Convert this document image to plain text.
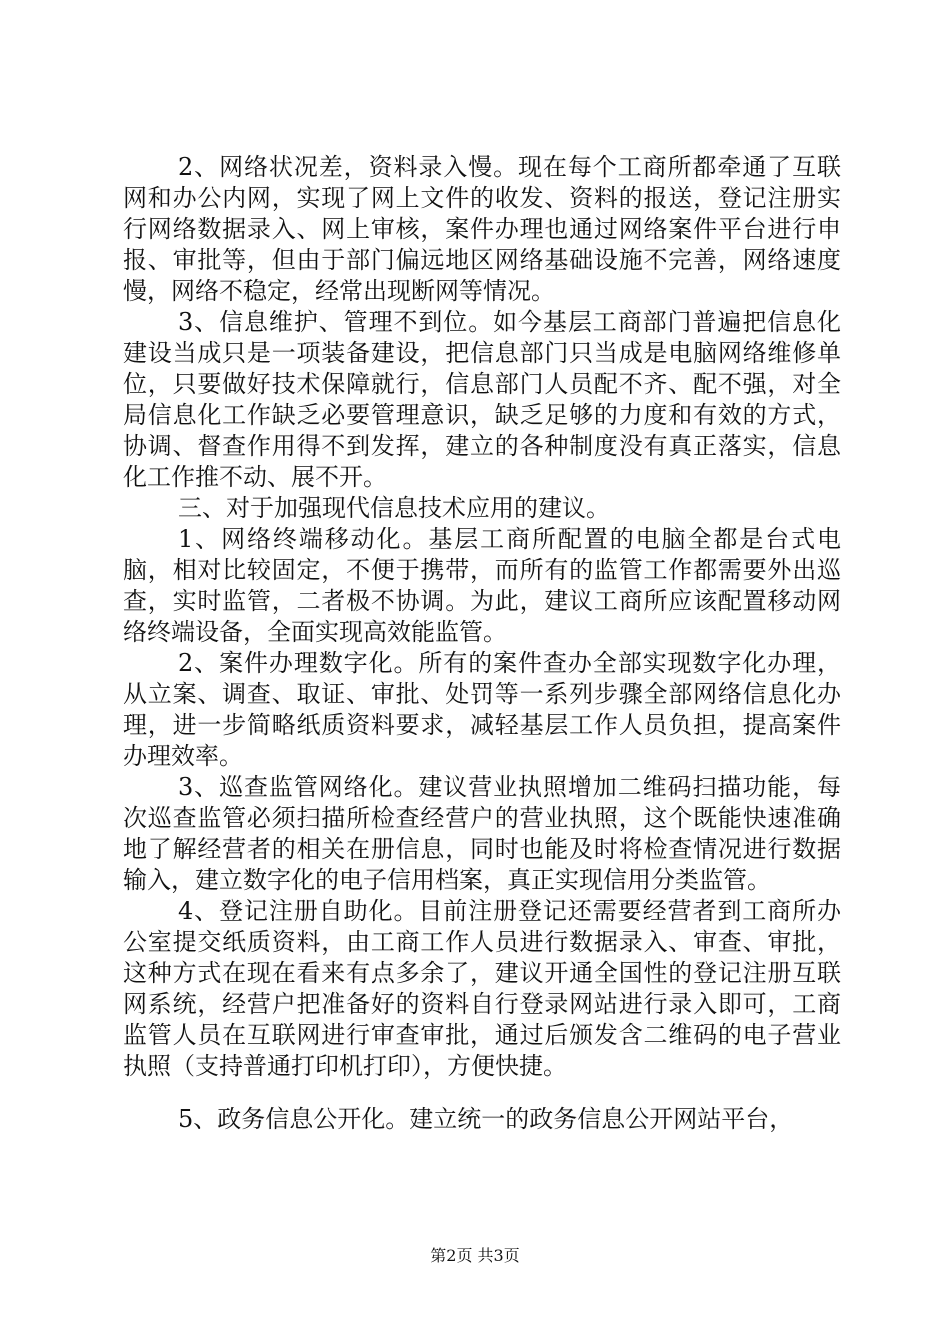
2、网络状况差，资料录入慢。现在每个工商所都牵通了互联网和办公内网，实现了网上文件的收发、资料的报送，登记注册实行网络数据录入、网上审核，案件办理也通过网络案件平台进行申报、审批等，但由于部门偏远地区网络基础设施不完善，网络速度慢，网络不稳定，经常出现断网等情况。

3、信息维护、管理不到位。如今基层工商部门普遍把信息化建设当成只是一项装备建设，把信息部门只当成是电脑网络维修单位，只要做好技术保障就行，信息部门人员配不齐、配不强，对全局信息化工作缺乏必要管理意识，缺乏足够的力度和有效的方式，协调、督查作用得不到发挥，建立的各种制度没有真正落实，信息化工作推不动、展不开。

三、对于加强现代信息技术应用的建议。

1、网络终端移动化。基层工商所配置的电脑全都是台式电脑，相对比较固定，不便于携带，而所有的监管工作都需要外出巡查，实时监管，二者极不协调。为此，建议工商所应该配置移动网络终端设备，全面实现高效能监管。

2、案件办理数字化。所有的案件查办全部实现数字化办理，从立案、调查、取证、审批、处罚等一系列步骤全部网络信息化办理，进一步简略纸质资料要求，减轻基层工作人员负担，提高案件办理效率。

3、巡查监管网络化。建议营业执照增加二维码扫描功能，每次巡查监管必须扫描所检查经营户的营业执照，这个既能快速准确地了解经营者的相关在册信息，同时也能及时将检查情况进行数据输入，建立数字化的电子信用档案，真正实现信用分类监管。

4、登记注册自助化。目前注册登记还需要经营者到工商所办公室提交纸质资料，由工商工作人员进行数据录入、审查、审批，这种方式在现在看来有点多余了，建议开通全国性的登记注册互联网系统，经营户把准备好的资料自行登录网站进行录入即可，工商监管人员在互联网进行审查审批，通过后颁发含二维码的电子营业执照（支持普通打印机打印），方便快捷。

5、政务信息公开化。建立统一的政务信息公开网站平台，

第2页 共3页
